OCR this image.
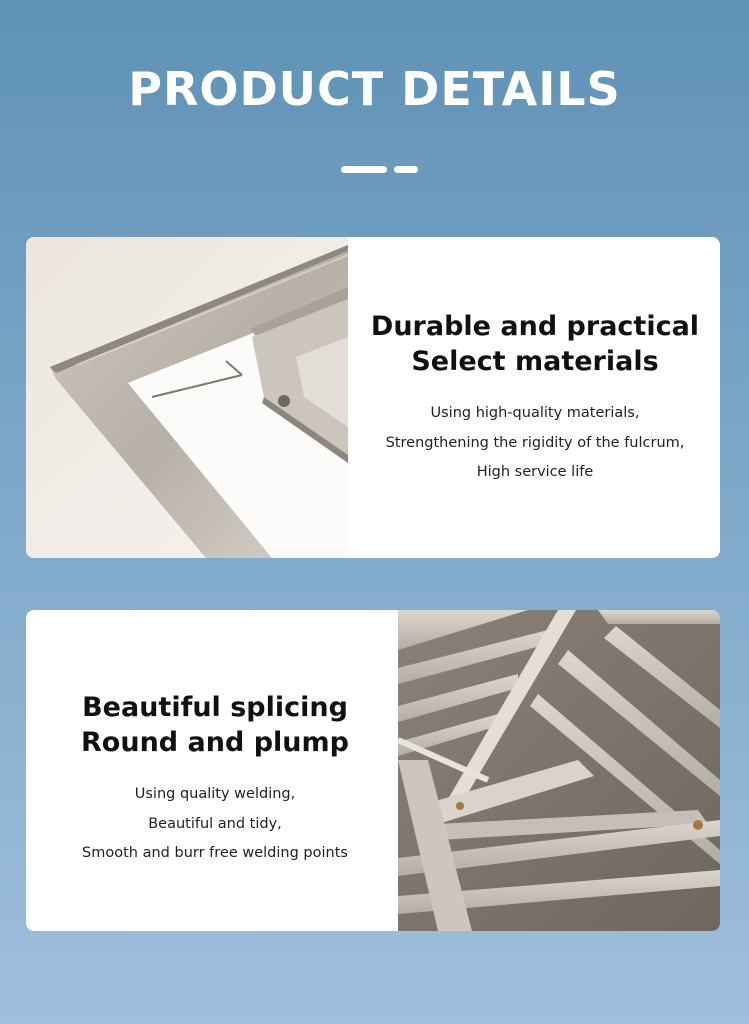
PRODUCT DETAILS
Durable and practical
Select materials
Using high-quality materials,
Strengthening the rigidity of the fulcrum,
High service life
Beautiful splicing
Round and plump
Using quality welding,
Beautiful and tidy,
Smooth and burr free welding points
